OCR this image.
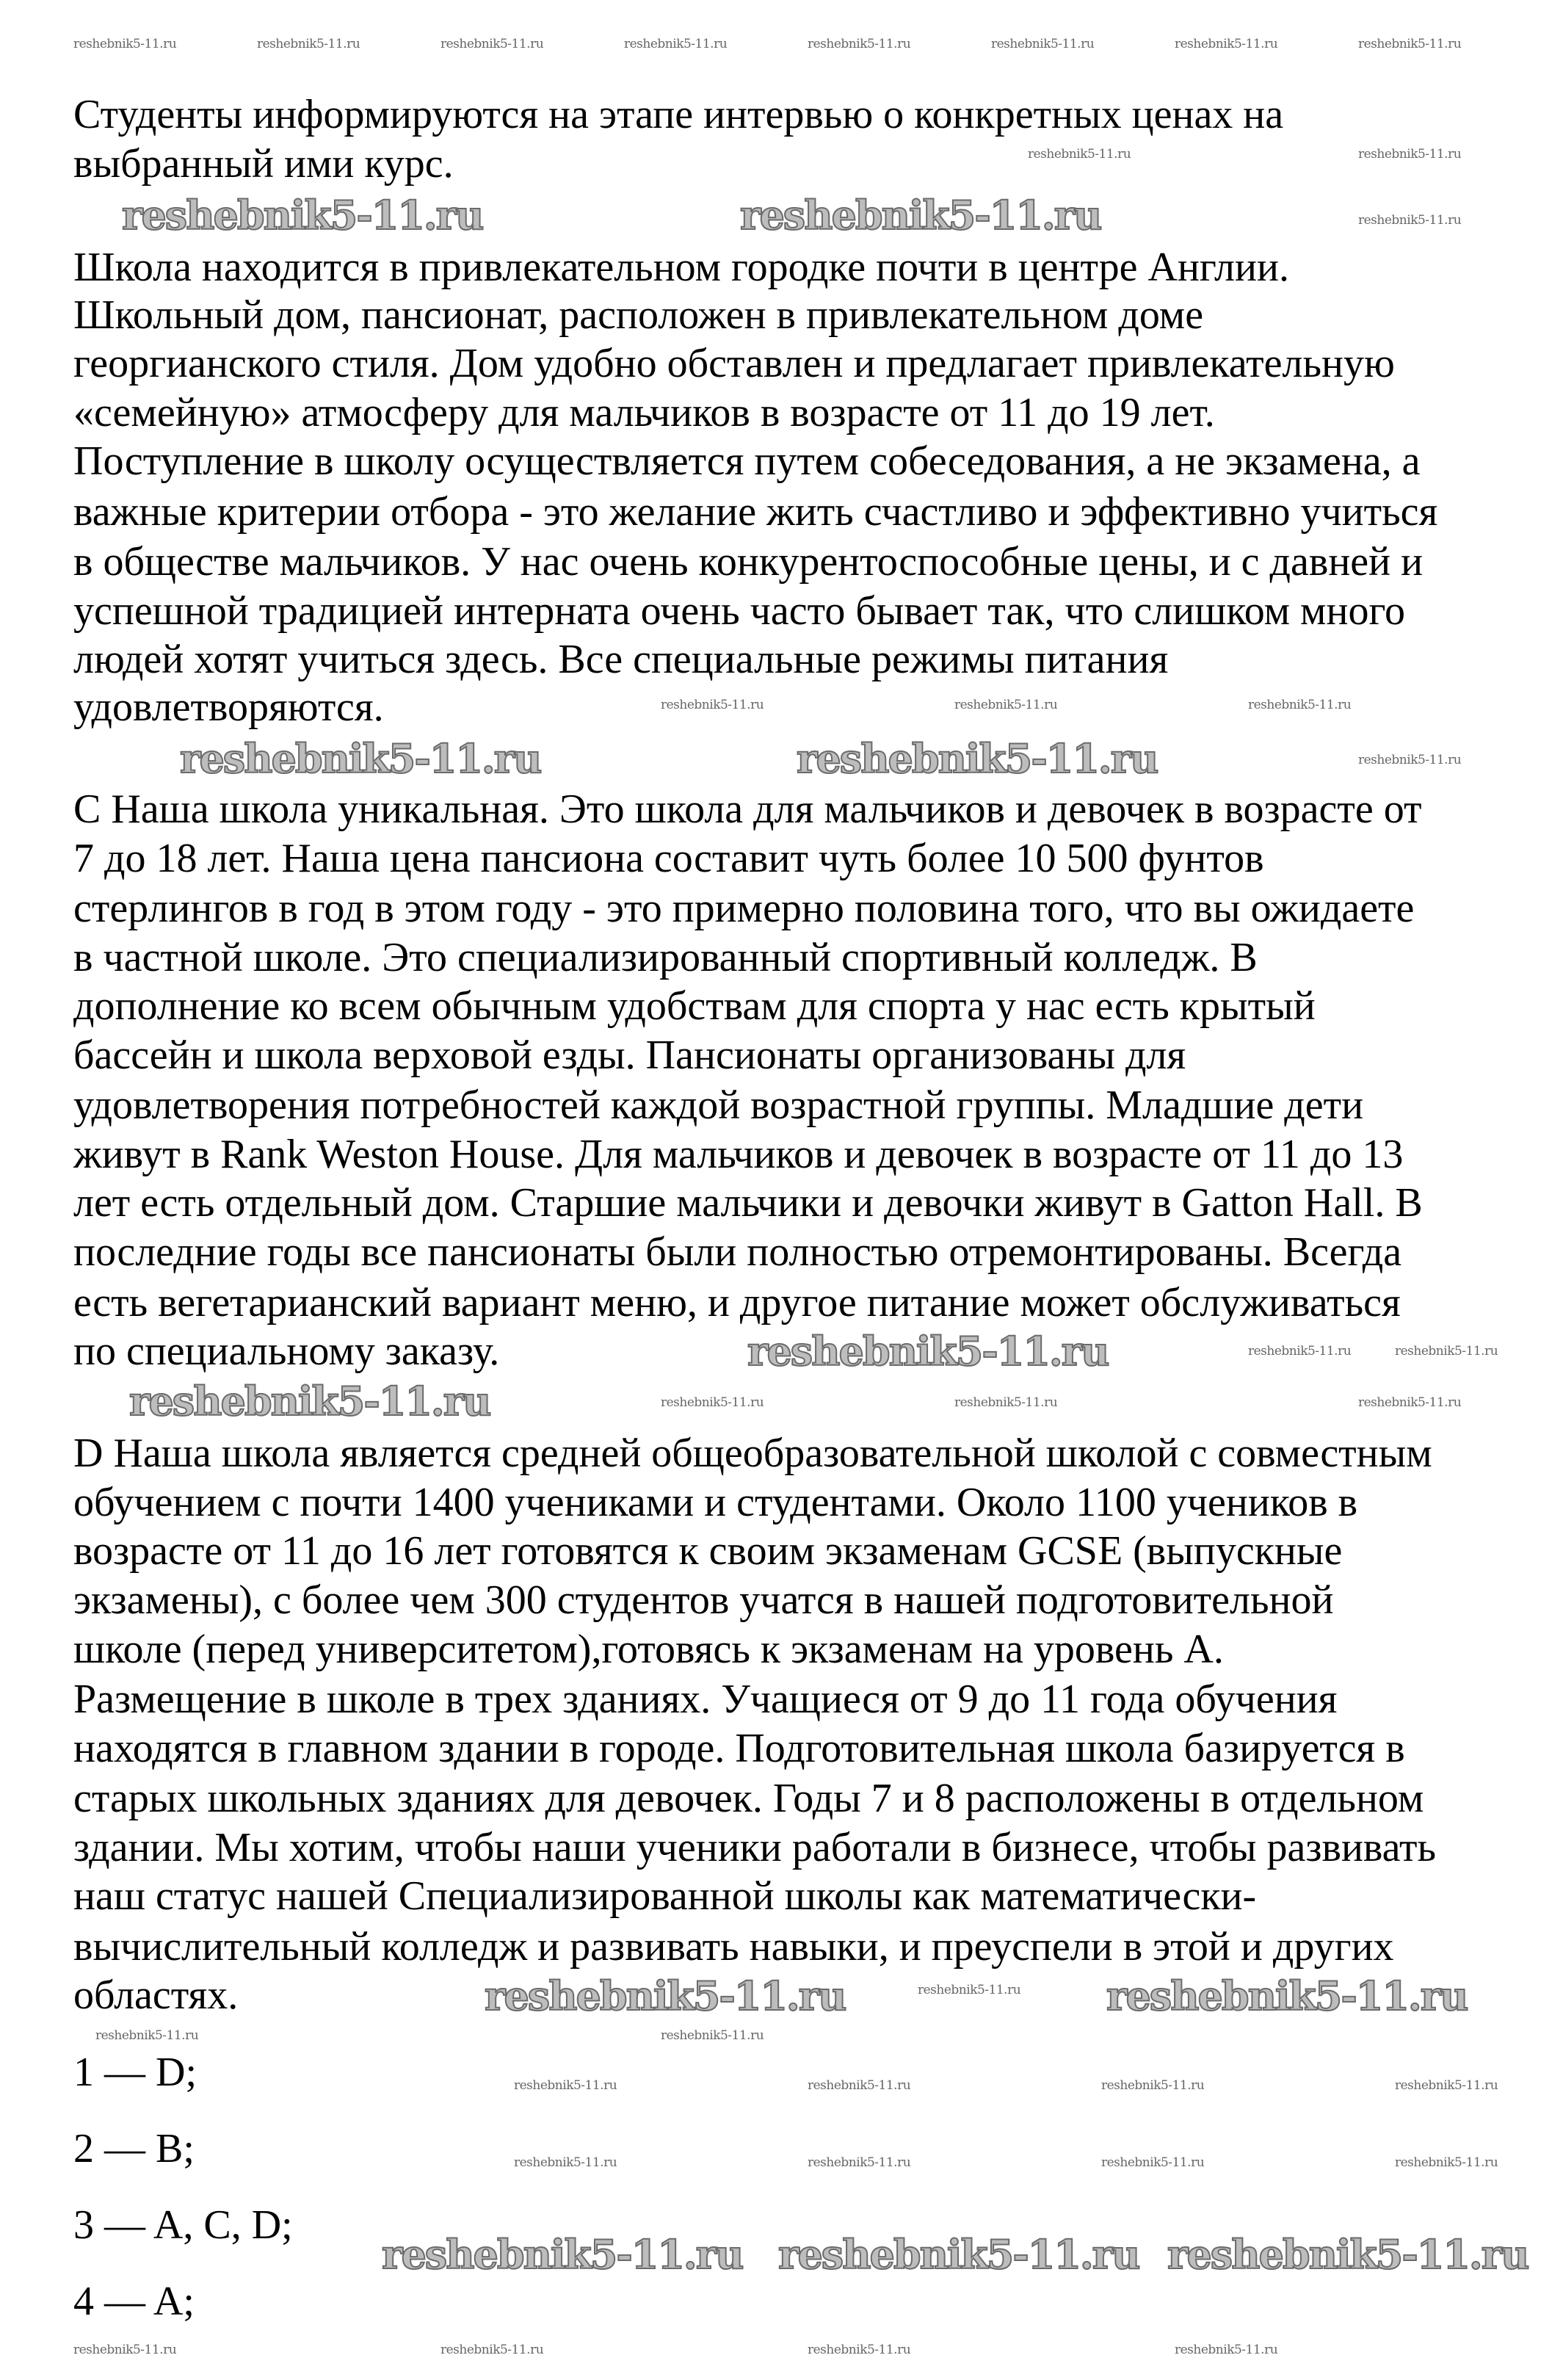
Студенты информируются на этапе интервью о конкретных ценах на
выбранный ими курс.
Школа находится в привлекательном городке почти в центре Англии.
Школьный дом, пансионат, расположен в привлекательном доме
георгианского стиля. Дом удобно обставлен и предлагает привлекательную
«семейную» атмосферу для мальчиков в возрасте от 11 до 19 лет.
Поступление в школу осуществляется путем собеседования, а не экзамена, а
важные критерии отбора - это желание жить счастливо и эффективно учиться
в обществе мальчиков. У нас очень конкурентоспособные цены, и с давней и
успешной традицией интерната очень часто бывает так, что слишком много
людей хотят учиться здесь. Все специальные режимы питания
удовлетворяются.
С Наша школа уникальная. Это школа для мальчиков и девочек в возрасте от
7 до 18 лет. Наша цена пансиона составит чуть более 10 500 фунтов
стерлингов в год в этом году - это примерно половина того, что вы ожидаете
в частной школе. Это специализированный спортивный колледж. В
дополнение ко всем обычным удобствам для спорта у нас есть крытый
бассейн и школа верховой езды. Пансионаты организованы для
удовлетворения потребностей каждой возрастной группы. Младшие дети
живут в Rank Weston House. Для мальчиков и девочек в возрасте от 11 до 13
лет есть отдельный дом. Старшие мальчики и девочки живут в Gatton Hall. В
последние годы все пансионаты были полностью отремонтированы. Всегда
есть вегетарианский вариант меню, и другое питание может обслуживаться
по специальному заказу.
D Наша школа является средней общеобразовательной школой с совместным
обучением с почти 1400 учениками и студентами. Около 1100 учеников в
возрасте от 11 до 16 лет готовятся к своим экзаменам GCSE (выпускные
экзамены), с более чем 300 студентов учатся в нашей подготовительной
школе (перед университетом),готовясь к экзаменам на уровень А.
Размещение в школе в трех зданиях. Учащиеся от 9 до 11 года обучения
находятся в главном здании в городе. Подготовительная школа базируется в
старых школьных зданиях для девочек. Годы 7 и 8 расположены в отдельном
здании. Мы хотим, чтобы наши ученики работали в бизнесе, чтобы развивать
наш статус нашей Специализированной школы как математически-
вычислительный колледж и развивать навыки, и преуспели в этой и других
областях.
1 — D;
2 — B;
3 — A, C, D;
4 — A;
reshebnik5-11.ru	reshebnik5-11.ru
reshebnik5-11.ru	reshebnik5-11.ru
reshebnik5-11.ru
reshebnik5-11.ru
reshebnik5-11.ru	reshebnik5-11.ru
reshebnik5-11.ru reshebnik5-11.ru reshebnik5-11.ru
reshebnik5-11.ru	reshebnik5-11.ru	reshebnik5-11.ru	reshebnik5-11.ru	reshebnik5-11.ru	reshebnik5-11.ru	reshebnik5-11.ru	reshebnik5-11.ru
reshebnik5-11.ru	reshebnik5-11.ru
reshebnik5-11.ru
reshebnik5-11.ru	reshebnik5-11.ru	reshebnik5-11.ru
reshebnik5-11.ru
reshebnik5-11.ru	reshebnik5-11.ru
reshebnik5-11.ru	reshebnik5-11.ru	reshebnik5-11.ru
reshebnik5-11.ru
reshebnik5-11.ru	reshebnik5-11.ru
reshebnik5-11.ru	reshebnik5-11.ru	reshebnik5-11.ru	reshebnik5-11.ru
reshebnik5-11.ru	reshebnik5-11.ru	reshebnik5-11.ru	reshebnik5-11.ru
reshebnik5-11.ru	reshebnik5-11.ru	reshebnik5-11.ru	reshebnik5-11.ru
